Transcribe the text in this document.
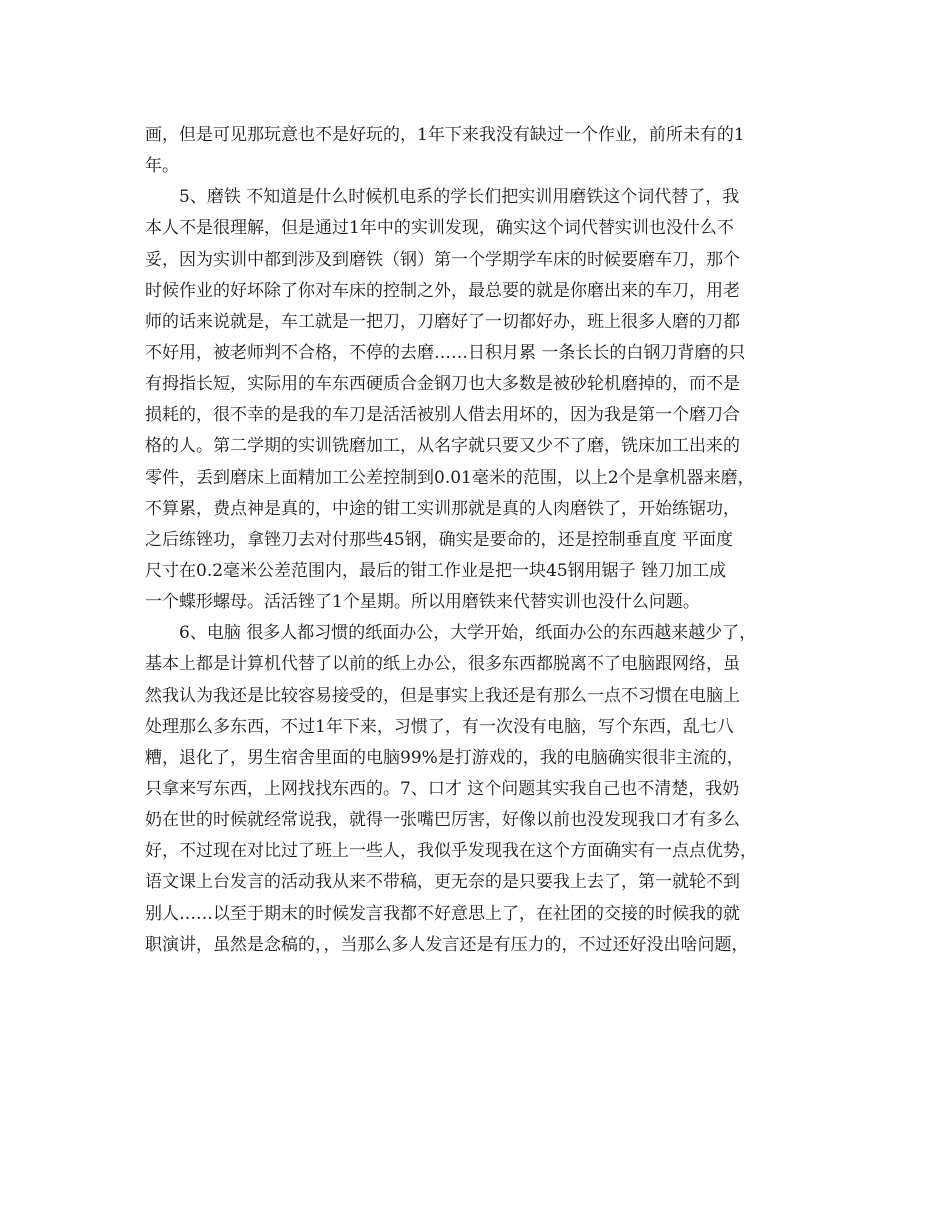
画，但是可见那玩意也不是好玩的，1年下来我没有缺过一个作业，前所未有的1
年。
5、磨铁 不知道是什么时候机电系的学长们把实训用磨铁这个词代替了，我
本人不是很理解，但是通过1年中的实训发现，确实这个词代替实训也没什么不
妥，因为实训中都到涉及到磨铁（钢）第一个学期学车床的时候要磨车刀，那个
时候作业的好坏除了你对车床的控制之外，最总要的就是你磨出来的车刀，用老
师的话来说就是，车工就是一把刀，刀磨好了一切都好办，班上很多人磨的刀都
不好用，被老师判不合格，不停的去磨……日积月累 一条长长的白钢刀背磨的只
有拇指长短，实际用的车东西硬质合金钢刀也大多数是被砂轮机磨掉的，而不是
损耗的，很不幸的是我的车刀是活活被别人借去用坏的，因为我是第一个磨刀合
格的人。第二学期的实训铣磨加工，从名字就只要又少不了磨，铣床加工出来的
零件，丢到磨床上面精加工公差控制到0.01毫米的范围，以上2个是拿机器来磨，
不算累，费点神是真的，中途的钳工实训那就是真的人肉磨铁了，开始练锯功，
之后练锉功，拿锉刀去对付那些45钢，确实是要命的，还是控制垂直度 平面度
尺寸在0.2毫米公差范围内，最后的钳工作业是把一块45钢用锯子 锉刀加工成
一个蝶形螺母。活活锉了1个星期。所以用磨铁来代替实训也没什么问题。
6、电脑 很多人都习惯的纸面办公，大学开始，纸面办公的东西越来越少了，
基本上都是计算机代替了以前的纸上办公，很多东西都脱离不了电脑跟网络，虽
然我认为我还是比较容易接受的，但是事实上我还是有那么一点不习惯在电脑上
处理那么多东西，不过1年下来，习惯了，有一次没有电脑，写个东西，乱七八
糟，退化了，男生宿舍里面的电脑99%是打游戏的，我的电脑确实很非主流的，
只拿来写东西，上网找找东西的。7、口才 这个问题其实我自己也不清楚，我奶
奶在世的时候就经常说我，就得一张嘴巴厉害，好像以前也没发现我口才有多么
好，不过现在对比过了班上一些人，我似乎发现我在这个方面确实有一点点优势，
语文课上台发言的活动我从来不带稿，更无奈的是只要我上去了，第一就轮不到
别人……以至于期末的时候发言我都不好意思上了，在社团的交接的时候我的就
职演讲，虽然是念稿的，，当那么多人发言还是有压力的，不过还好没出啥问题，
